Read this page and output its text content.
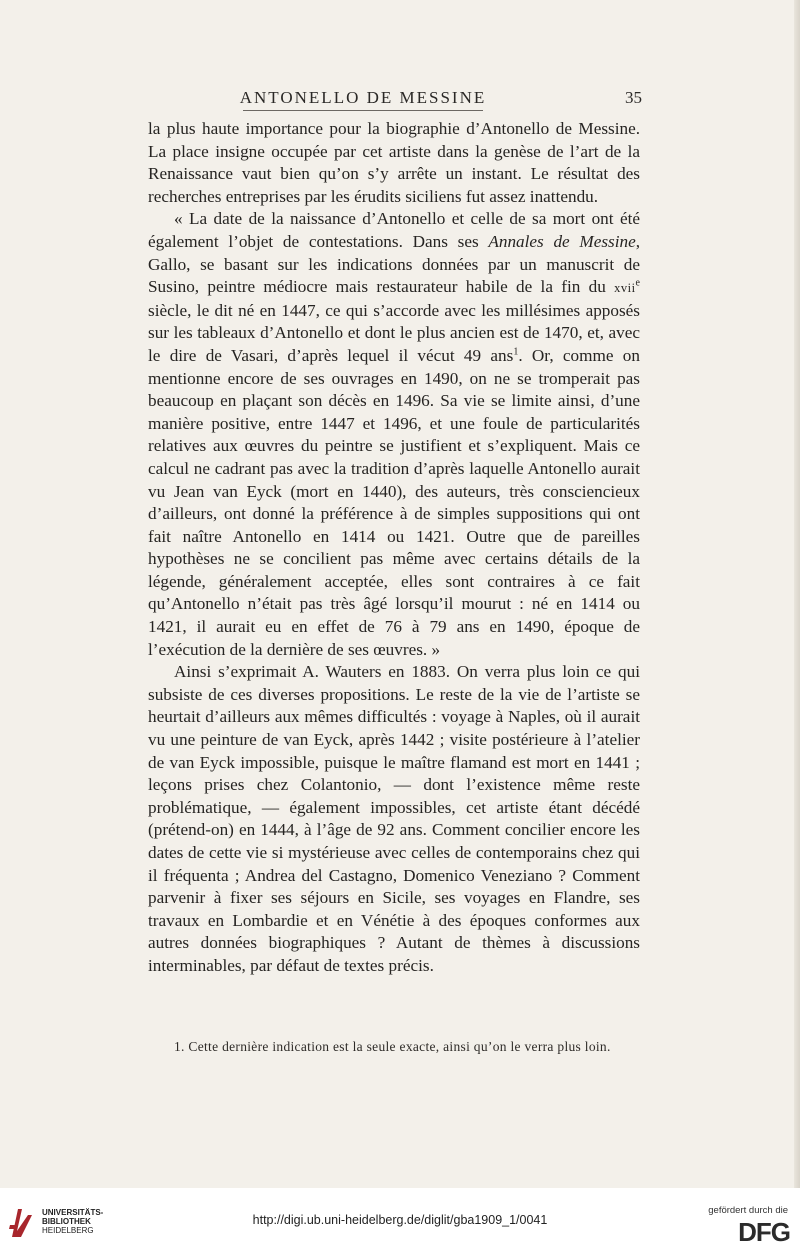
ANTONELLO DE MESSINE	35

la plus haute importance pour la biographie d’Antonello de Messine. La place insigne occupée par cet artiste dans la genèse de l’art de la Renaissance vaut bien qu’on s’y arrête un instant. Le résultat des recherches entreprises par les érudits siciliens fut assez inattendu.

« La date de la naissance d’Antonello et celle de sa mort ont été également l’objet de contestations. Dans ses Annales de Messine, Gallo, se basant sur les indications données par un manuscrit de Susino, peintre médiocre mais restaurateur habile de la fin du xvii$^e$ siècle, le dit né en 1447, ce qui s’accorde avec les millésimes apposés sur les tableaux d’Antonello et dont le plus ancien est de 1470, et, avec le dire de Vasari, d’après lequel il vécut 49 ans$^1$. Or, comme on mentionne encore de ses ouvrages en 1490, on ne se tromperait pas beaucoup en plaçant son décès en 1496. Sa vie se limite ainsi, d’une manière positive, entre 1447 et 1496, et une foule de particularités relatives aux œuvres du peintre se justifient et s’expliquent. Mais ce calcul ne cadrant pas avec la tradition d’après laquelle Antonello aurait vu Jean van Eyck (mort en 1440), des auteurs, très consciencieux d’ailleurs, ont donné la préférence à de simples suppositions qui ont fait naître Antonello en 1414 ou 1421. Outre que de pareilles hypothèses ne se concilient pas même avec certains détails de la légende, généralement acceptée, elles sont contraires à ce fait qu’Antonello n’était pas très âgé lorsqu’il mourut : né en 1414 ou 1421, il aurait eu en effet de 76 à 79 ans en 1490, époque de l’exécution de la dernière de ses œuvres. »

Ainsi s’exprimait A. Wauters en 1883. On verra plus loin ce qui subsiste de ces diverses propositions. Le reste de la vie de l’artiste se heurtait d’ailleurs aux mêmes difficultés : voyage à Naples, où il aurait vu une peinture de van Eyck, après 1442 ; visite postérieure à l’atelier de van Eyck impossible, puisque le maître flamand est mort en 1441 ; leçons prises chez Colantonio, — dont l’existence même reste problématique, — également impossibles, cet artiste étant décédé (prétend-on) en 1444, à l’âge de 92 ans. Comment concilier encore les dates de cette vie si mystérieuse avec celles de contemporains chez qui il fréquenta ; Andrea del Castagno, Domenico Veneziano ? Comment parvenir à fixer ses séjours en Sicile, ses voyages en Flandre, ses travaux en Lombardie et en Vénétie à des époques conformes aux autres données biographiques ? Autant de thèmes à discussions interminables, par défaut de textes précis.

1. Cette dernière indication est la seule exacte, ainsi qu’on le verra plus loin.
UNIVERSITÄTS-
BIBLIOTHEK
HEIDELBERG
http://digi.ub.uni-heidelberg.de/diglit/gba1909_1/0041
gefördert durch die
DFG
